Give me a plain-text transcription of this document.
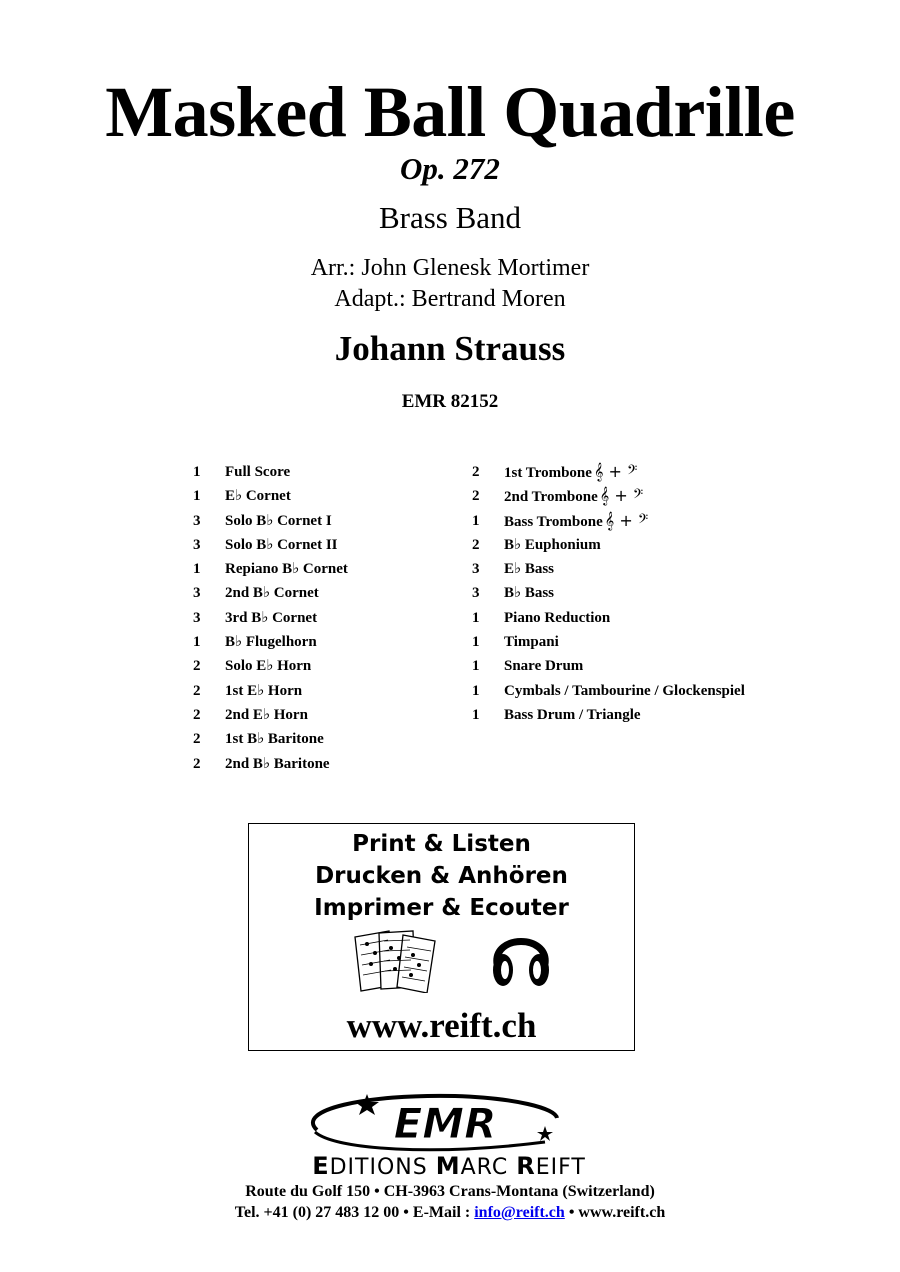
Masked Ball Quadrille
Op. 272
Brass Band
Arr.: John Glenesk Mortimer
Adapt.: Bertrand Moren
Johann Strauss
EMR 82152
1 Full Score
1 E♭ Cornet
3 Solo B♭ Cornet I
3 Solo B♭ Cornet II
1 Repiano B♭ Cornet
3 2nd B♭ Cornet
3 3rd B♭ Cornet
1 B♭ Flugelhorn
2 Solo E♭ Horn
2 1st E♭ Horn
2 2nd E♭ Horn
2 1st B♭ Baritone
2 2nd B♭ Baritone
2 1st Trombone 𝄞 + 𝄢
2 2nd Trombone 𝄞 + 𝄢
1 Bass Trombone 𝄞 + 𝄢
2 B♭ Euphonium
3 E♭ Bass
3 B♭ Bass
1 Piano Reduction
1 Timpani
1 Snare Drum
1 Cymbals / Tambourine / Glockenspiel
1 Bass Drum / Triangle
Print & Listen
Drucken & Anhören
Imprimer & Ecouter
www.reift.ch
EMR
EDITIONS MARC REIFT
Route du Golf 150 • CH-3963 Crans-Montana (Switzerland)
Tel. +41 (0) 27 483 12 00 • E-Mail : info@reift.ch • www.reift.ch
